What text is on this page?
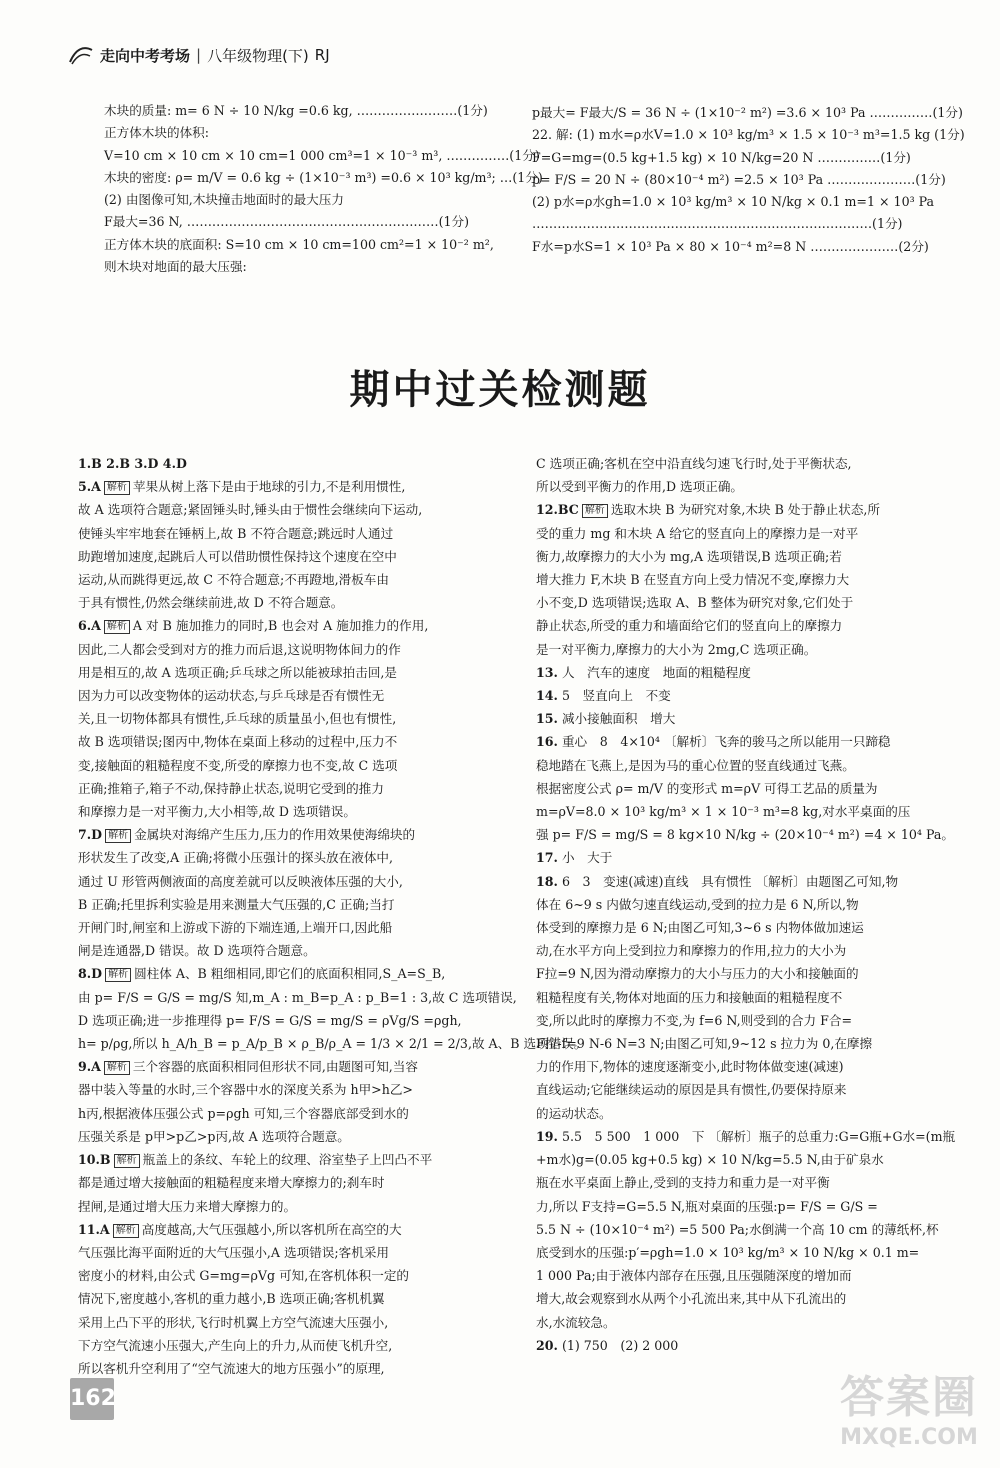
走向中考考场 | 八年级物理(下) RJ

木块的质量: m= 6 N ÷ 10 N/kg =0.6 kg, ……………………(1分)

正方体木块的体积:

V=10 cm × 10 cm × 10 cm=1 000 cm³=1 × 10⁻³ m³, ……………(1分)

木块的密度: ρ= m/V = 0.6 kg ÷ (1×10⁻³ m³) =0.6 × 10³ kg/m³; …(1分)

(2) 由图像可知,木块撞击地面时的最大压力

F最大=36 N, ……………………………………………………(1分)

正方体木块的底面积: S=10 cm × 10 cm=100 cm²=1 × 10⁻² m²,

则木块对地面的最大压强:

p最大= F最大/S = 36 N ÷ (1×10⁻² m²) =3.6 × 10³ Pa ……………(1分)

22. 解: (1) m水=ρ水V=1.0 × 10³ kg/m³ × 1.5 × 10⁻³ m³=1.5 kg (1分)

F=G=mg=(0.5 kg+1.5 kg) × 10 N/kg=20 N ……………(1分)

p= F/S = 20 N ÷ (80×10⁻⁴ m²) =2.5 × 10³ Pa …………………(1分)

(2) p水=ρ水gh=1.0 × 10³ kg/m³ × 10 N/kg × 0.1 m=1 × 10³ Pa

………………………………………………………………………(1分)

F水=p水S=1 × 10³ Pa × 80 × 10⁻⁴ m²=8 N …………………(2分)

期中过关检测题

1.B 2.B 3.D 4.D

5.A 解析 苹果从树上落下是由于地球的引力,不是利用惯性,

故 A 选项符合题意;紧固锤头时,锤头由于惯性会继续向下运动,

使锤头牢牢地套在锤柄上,故 B 不符合题意;跳远时人通过

助跑增加速度,起跳后人可以借助惯性保持这个速度在空中

运动,从而跳得更远,故 C 不符合题意;不再蹬地,滑板车由

于具有惯性,仍然会继续前进,故 D 不符合题意。

6.A 解析 A 对 B 施加推力的同时,B 也会对 A 施加推力的作用,

因此,二人都会受到对方的推力而后退,这说明物体间力的作

用是相互的,故 A 选项正确;乒乓球之所以能被球拍击回,是

因为力可以改变物体的运动状态,与乒乓球是否有惯性无

关,且一切物体都具有惯性,乒乓球的质量虽小,但也有惯性,

故 B 选项错误;图丙中,物体在桌面上移动的过程中,压力不

变,接触面的粗糙程度不变,所受的摩擦力也不变,故 C 选项

正确;推箱子,箱子不动,保持静止状态,说明它受到的推力

和摩擦力是一对平衡力,大小相等,故 D 选项错误。

7.D 解析 金属块对海绵产生压力,压力的作用效果使海绵块的

形状发生了改变,A 正确;将微小压强计的探头放在液体中,

通过 U 形管两侧液面的高度差就可以反映液体压强的大小,

B 正确;托里拆利实验是用来测量大气压强的,C 正确;当打

开闸门时,闸室和上游或下游的下端连通,上端开口,因此船

闸是连通器,D 错误。故 D 选项符合题意。

8.D 解析 圆柱体 A、B 粗细相同,即它们的底面积相同,S_A=S_B,

由 p= F/S = G/S = mg/S 知,m_A : m_B=p_A : p_B=1 : 3,故 C 选项错误,

D 选项正确;进一步推理得 p= F/S = G/S = mg/S = ρVg/S =ρgh,

h= p/ρg,所以 h_A/h_B = p_A/p_B × ρ_B/ρ_A = 1/3 × 2/1 = 2/3,故 A、B 选项错误。

9.A 解析 三个容器的底面积相同但形状不同,由题图可知,当容

器中装入等量的水时,三个容器中水的深度关系为 h甲>h乙>

h丙,根据液体压强公式 p=ρgh 可知,三个容器底部受到水的

压强关系是 p甲>p乙>p丙,故 A 选项符合题意。

10.B 解析 瓶盖上的条纹、车轮上的纹理、浴室垫子上凹凸不平

都是通过增大接触面的粗糙程度来增大摩擦力的;刹车时

捏闸,是通过增大压力来增大摩擦力的。

11.A 解析 高度越高,大气压强越小,所以客机所在高空的大

气压强比海平面附近的大气压强小,A 选项错误;客机采用

密度小的材料,由公式 G=mg=ρVg 可知,在客机体积一定的

情况下,密度越小,客机的重力越小,B 选项正确;客机机翼

采用上凸下平的形状,飞行时机翼上方空气流速大压强小,

下方空气流速小压强大,产生向上的升力,从而使飞机升空,

所以客机升空利用了“空气流速大的地方压强小”的原理,

C 选项正确;客机在空中沿直线匀速飞行时,处于平衡状态,

所以受到平衡力的作用,D 选项正确。

12.BC 解析 选取木块 B 为研究对象,木块 B 处于静止状态,所

受的重力 mg 和木块 A 给它的竖直向上的摩擦力是一对平

衡力,故摩擦力的大小为 mg,A 选项错误,B 选项正确;若

增大推力 F,木块 B 在竖直方向上受力情况不变,摩擦力大

小不变,D 选项错误;选取 A、B 整体为研究对象,它们处于

静止状态,所受的重力和墙面给它们的竖直向上的摩擦力

是一对平衡力,摩擦力的大小为 2mg,C 选项正确。

13. 人　汽车的速度　地面的粗糙程度

14. 5　竖直向上　不变

15. 减小接触面积　增大

16. 重心　8　4×10⁴ 〔解析〕飞奔的骏马之所以能用一只蹄稳

稳地踏在飞燕上,是因为马的重心位置的竖直线通过飞燕。

根据密度公式 ρ= m/V 的变形式 m=ρV 可得工艺品的质量为

m=ρV=8.0 × 10³ kg/m³ × 1 × 10⁻³ m³=8 kg,对水平桌面的压

强 p= F/S = mg/S = 8 kg×10 N/kg ÷ (20×10⁻⁴ m²) =4 × 10⁴ Pa。

17. 小　大于

18. 6　3　变速(减速)直线　具有惯性 〔解析〕由题图乙可知,物

体在 6~9 s 内做匀速直线运动,受到的拉力是 6 N,所以,物

体受到的摩擦力是 6 N;由图乙可知,3~6 s 内物体做加速运

动,在水平方向上受到拉力和摩擦力的作用,拉力的大小为

F拉=9 N,因为滑动摩擦力的大小与压力的大小和接触面的

粗糙程度有关,物体对地面的压力和接触面的粗糙程度不

变,所以此时的摩擦力不变,为 f=6 N,则受到的合力 F合=

F拉-f=9 N-6 N=3 N;由图乙可知,9~12 s 拉力为 0,在摩擦

力的作用下,物体的速度逐渐变小,此时物体做变速(减速)

直线运动;它能继续运动的原因是具有惯性,仍要保持原来

的运动状态。

19. 5.5　5 500　1 000　下 〔解析〕瓶子的总重力:G=G瓶+G水=(m瓶

+m水)g=(0.05 kg+0.5 kg) × 10 N/kg=5.5 N,由于矿泉水

瓶在水平桌面上静止,受到的支持力和重力是一对平衡

力,所以 F支持=G=5.5 N,瓶对桌面的压强:p= F/S = G/S =

5.5 N ÷ (10×10⁻⁴ m²) =5 500 Pa;水倒满一个高 10 cm 的薄纸杯,杯

底受到水的压强:p′=ρgh=1.0 × 10³ kg/m³ × 10 N/kg × 0.1 m=

1 000 Pa;由于液体内部存在压强,且压强随深度的增加而

增大,故会观察到水从两个小孔流出来,其中从下孔流出的

水,水流较急。

20. (1) 750　(2) 2 000

162	答案圈
MXQE.COM
